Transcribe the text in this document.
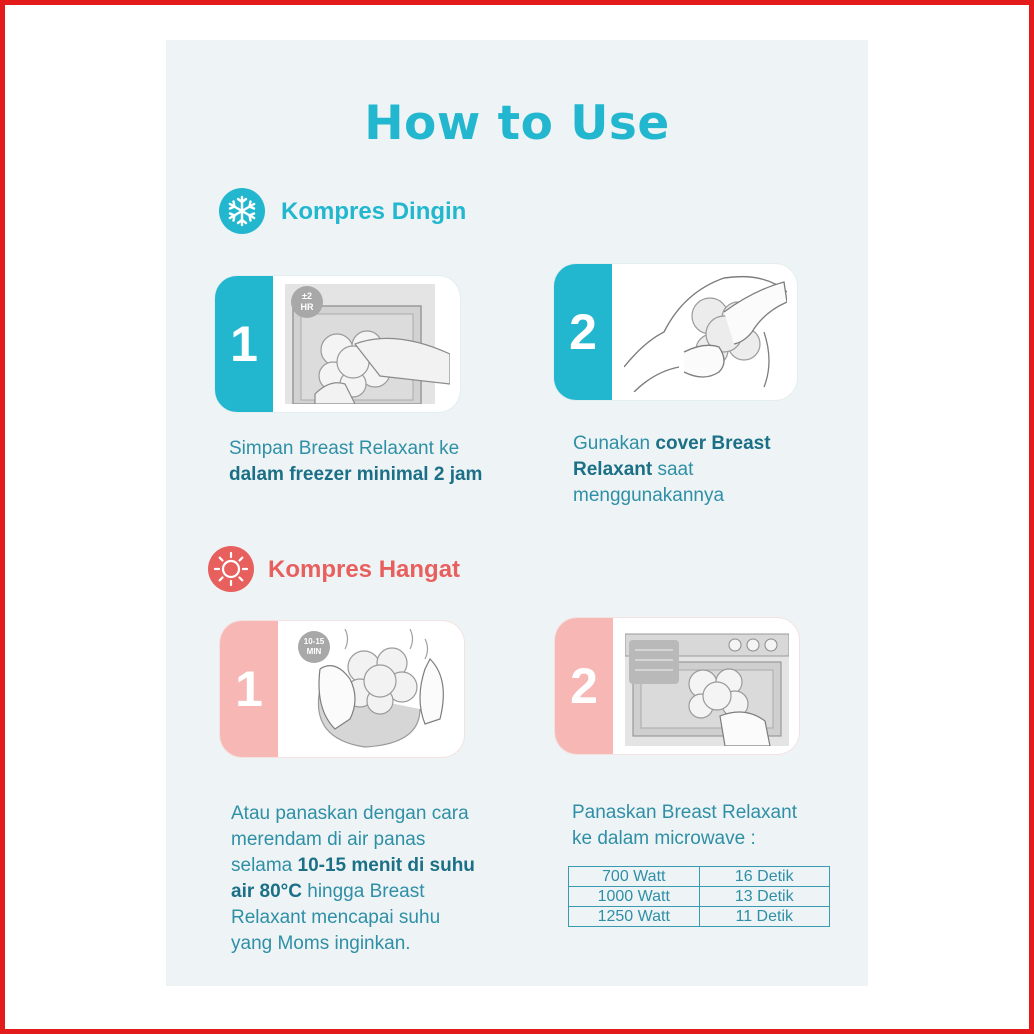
How to Use
Kompres Dingin
1
±2
HR	2
Simpan Breast Relaxant ke
dalam freezer minimal 2 jam
Gunakan cover Breast
Relaxant saat
menggunakannya
Kompres Hangat
1
10-15
MIN
2
Atau panaskan dengan cara
merendam di air panas
selama 10-15 menit di suhu
air 80°C hingga Breast
Relaxant mencapai suhu
yang Moms inginkan.
Panaskan Breast Relaxant
ke dalam microwave :
700 Watt	16 Detik
1000 Watt	13 Detik
1250 Watt	11 Detik
